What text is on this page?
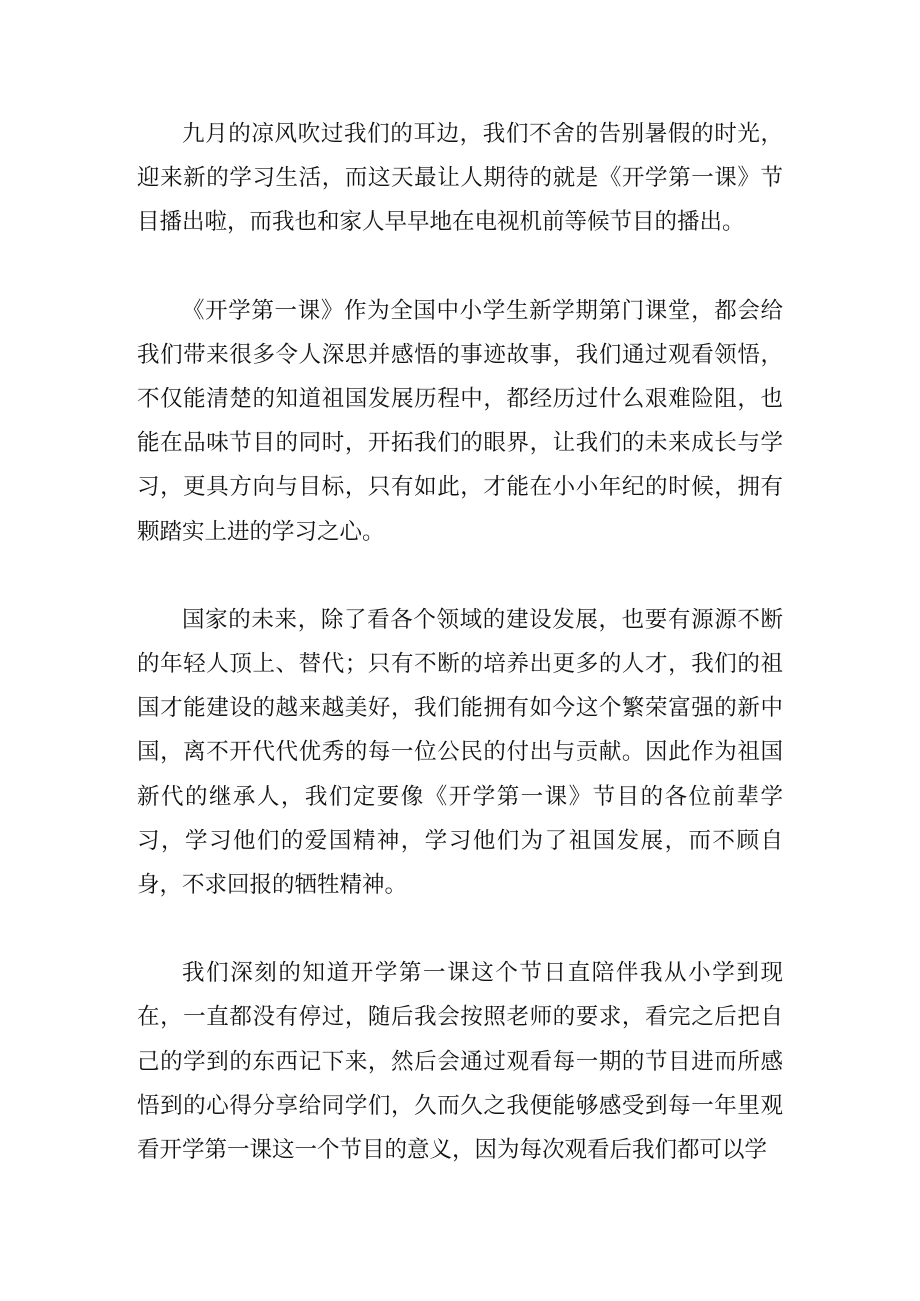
九月的凉风吹过我们的耳边，我们不舍的告别暑假的时光，迎来新的学习生活，而这天最让人期待的就是《开学第一课》节目播出啦，而我也和家人早早地在电视机前等候节目的播出。

《开学第一课》作为全国中小学生新学期第门课堂，都会给我们带来很多令人深思并感悟的事迹故事，我们通过观看领悟，不仅能清楚的知道祖国发展历程中，都经历过什么艰难险阻，也能在品味节目的同时，开拓我们的眼界，让我们的未来成长与学习，更具方向与目标，只有如此，才能在小小年纪的时候，拥有颗踏实上进的学习之心。

国家的未来，除了看各个领域的建设发展，也要有源源不断的年轻人顶上、替代；只有不断的培养出更多的人才，我们的祖国才能建设的越来越美好，我们能拥有如今这个繁荣富强的新中国，离不开代代优秀的每一位公民的付出与贡献。因此作为祖国新代的继承人，我们定要像《开学第一课》节目的各位前辈学习，学习他们的爱国精神，学习他们为了祖国发展，而不顾自身，不求回报的牺牲精神。

我们深刻的知道开学第一课这个节日直陪伴我从小学到现在，一直都没有停过，随后我会按照老师的要求，看完之后把自己的学到的东西记下来，然后会通过观看每一期的节目进而所感悟到的心得分享给同学们，久而久之我便能够感受到每一年里观看开学第一课这一个节目的意义，因为每次观看后我们都可以学
